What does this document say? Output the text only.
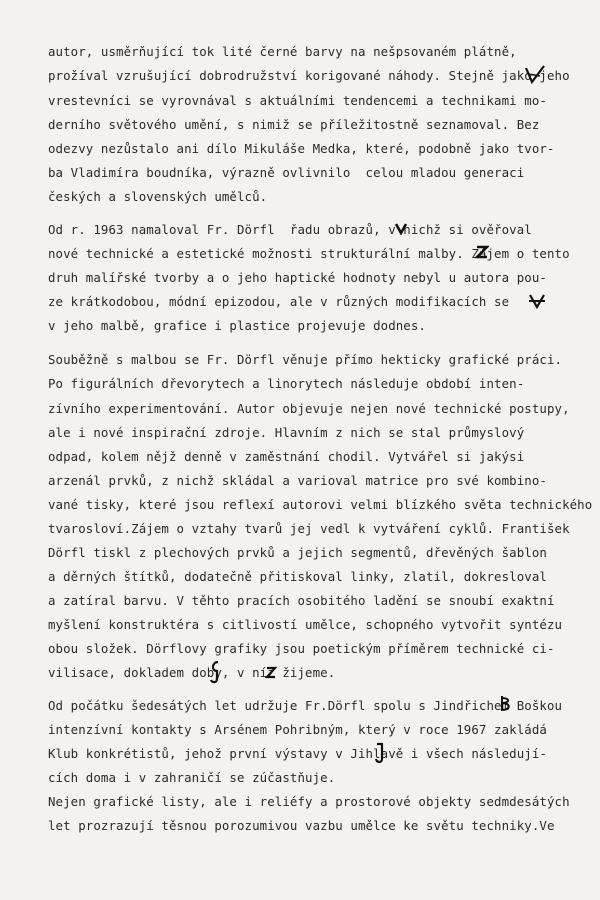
autor, usměrňující tok lité černé barvy na nešpsovaném plátně,
prožíval vzrušující dobrodružství korigované náhody. Stejně jako jeho
vrestevníci se vyrovnával s aktuálními tendencemi a technikami mo-
derního světového umění, s nimiž se příležitostně seznamoval. Bez
odezvy nezůstalo ani dílo Mikuláše Medka, které, podobně jako tvor-
ba Vladimíra boudníka, výrazně ovlivnilo  celou mladou generaci
českých a slovenských umělců.
Od r. 1963 namaloval Fr. Dörfl  řadu obrazů, v nichž si ověřoval
nové technické a estetické možnosti strukturální malby. Zájem o tento
druh malířské tvorby a o jeho haptické hodnoty nebyl u autora pou-
ze krátkodobou, módní epizodou, ale v různých modifikacích se
v jeho malbě, grafice i plastice projevuje dodnes.
Souběžně s malbou se Fr. Dörfl věnuje přímo hekticky grafické práci.
Po figurálních dřevorytech a linorytech následuje období inten-
zívního experimentování. Autor objevuje nejen nové technické postupy,
ale i nové inspirační zdroje. Hlavním z nich se stal průmyslový
odpad, kolem nějž denně v zaměstnání chodil. Vytvářel si jakýsi
arzenál prvků, z nichž skládal a varioval matrice pro své kombino-
vané tisky, které jsou reflexí autorovi velmi blízkého světa technického
tvarosloví.Zájem o vztahy tvarů jej vedl k vytváření cyklů. František
Dörfl tiskl z plechových prvků a jejich segmentů, dřevěných šablon
a děrných štítků, dodatečně přitiskoval linky, zlatil, dokresloval
a zatíral barvu. V těhto pracích osobitého ladění se snoubí exaktní
myšlení konstruktéra s citlivostí umělce, schopného vytvořit syntézu
obou složek. Dörflovy grafiky jsou poetickým příměrem technické ci-
vilisace, dokladem doby, v níž žijeme.
Od počátku šedesátých let udržuje Fr.Dörfl spolu s Jindřichem Boškou
intenzívní kontakty s Arsénem Pohribným, který v roce 1967 zakládá
Klub konkrétistů, jehož první výstavy v Jihlavě i všech následují-
cích doma i v zahraničí se zúčastňuje.
Nejen grafické listy, ale i reliéfy a prostorové objekty sedmdesátých
let prozrazují těsnou porozumivou vazbu umělce ke světu techniky.Ve
